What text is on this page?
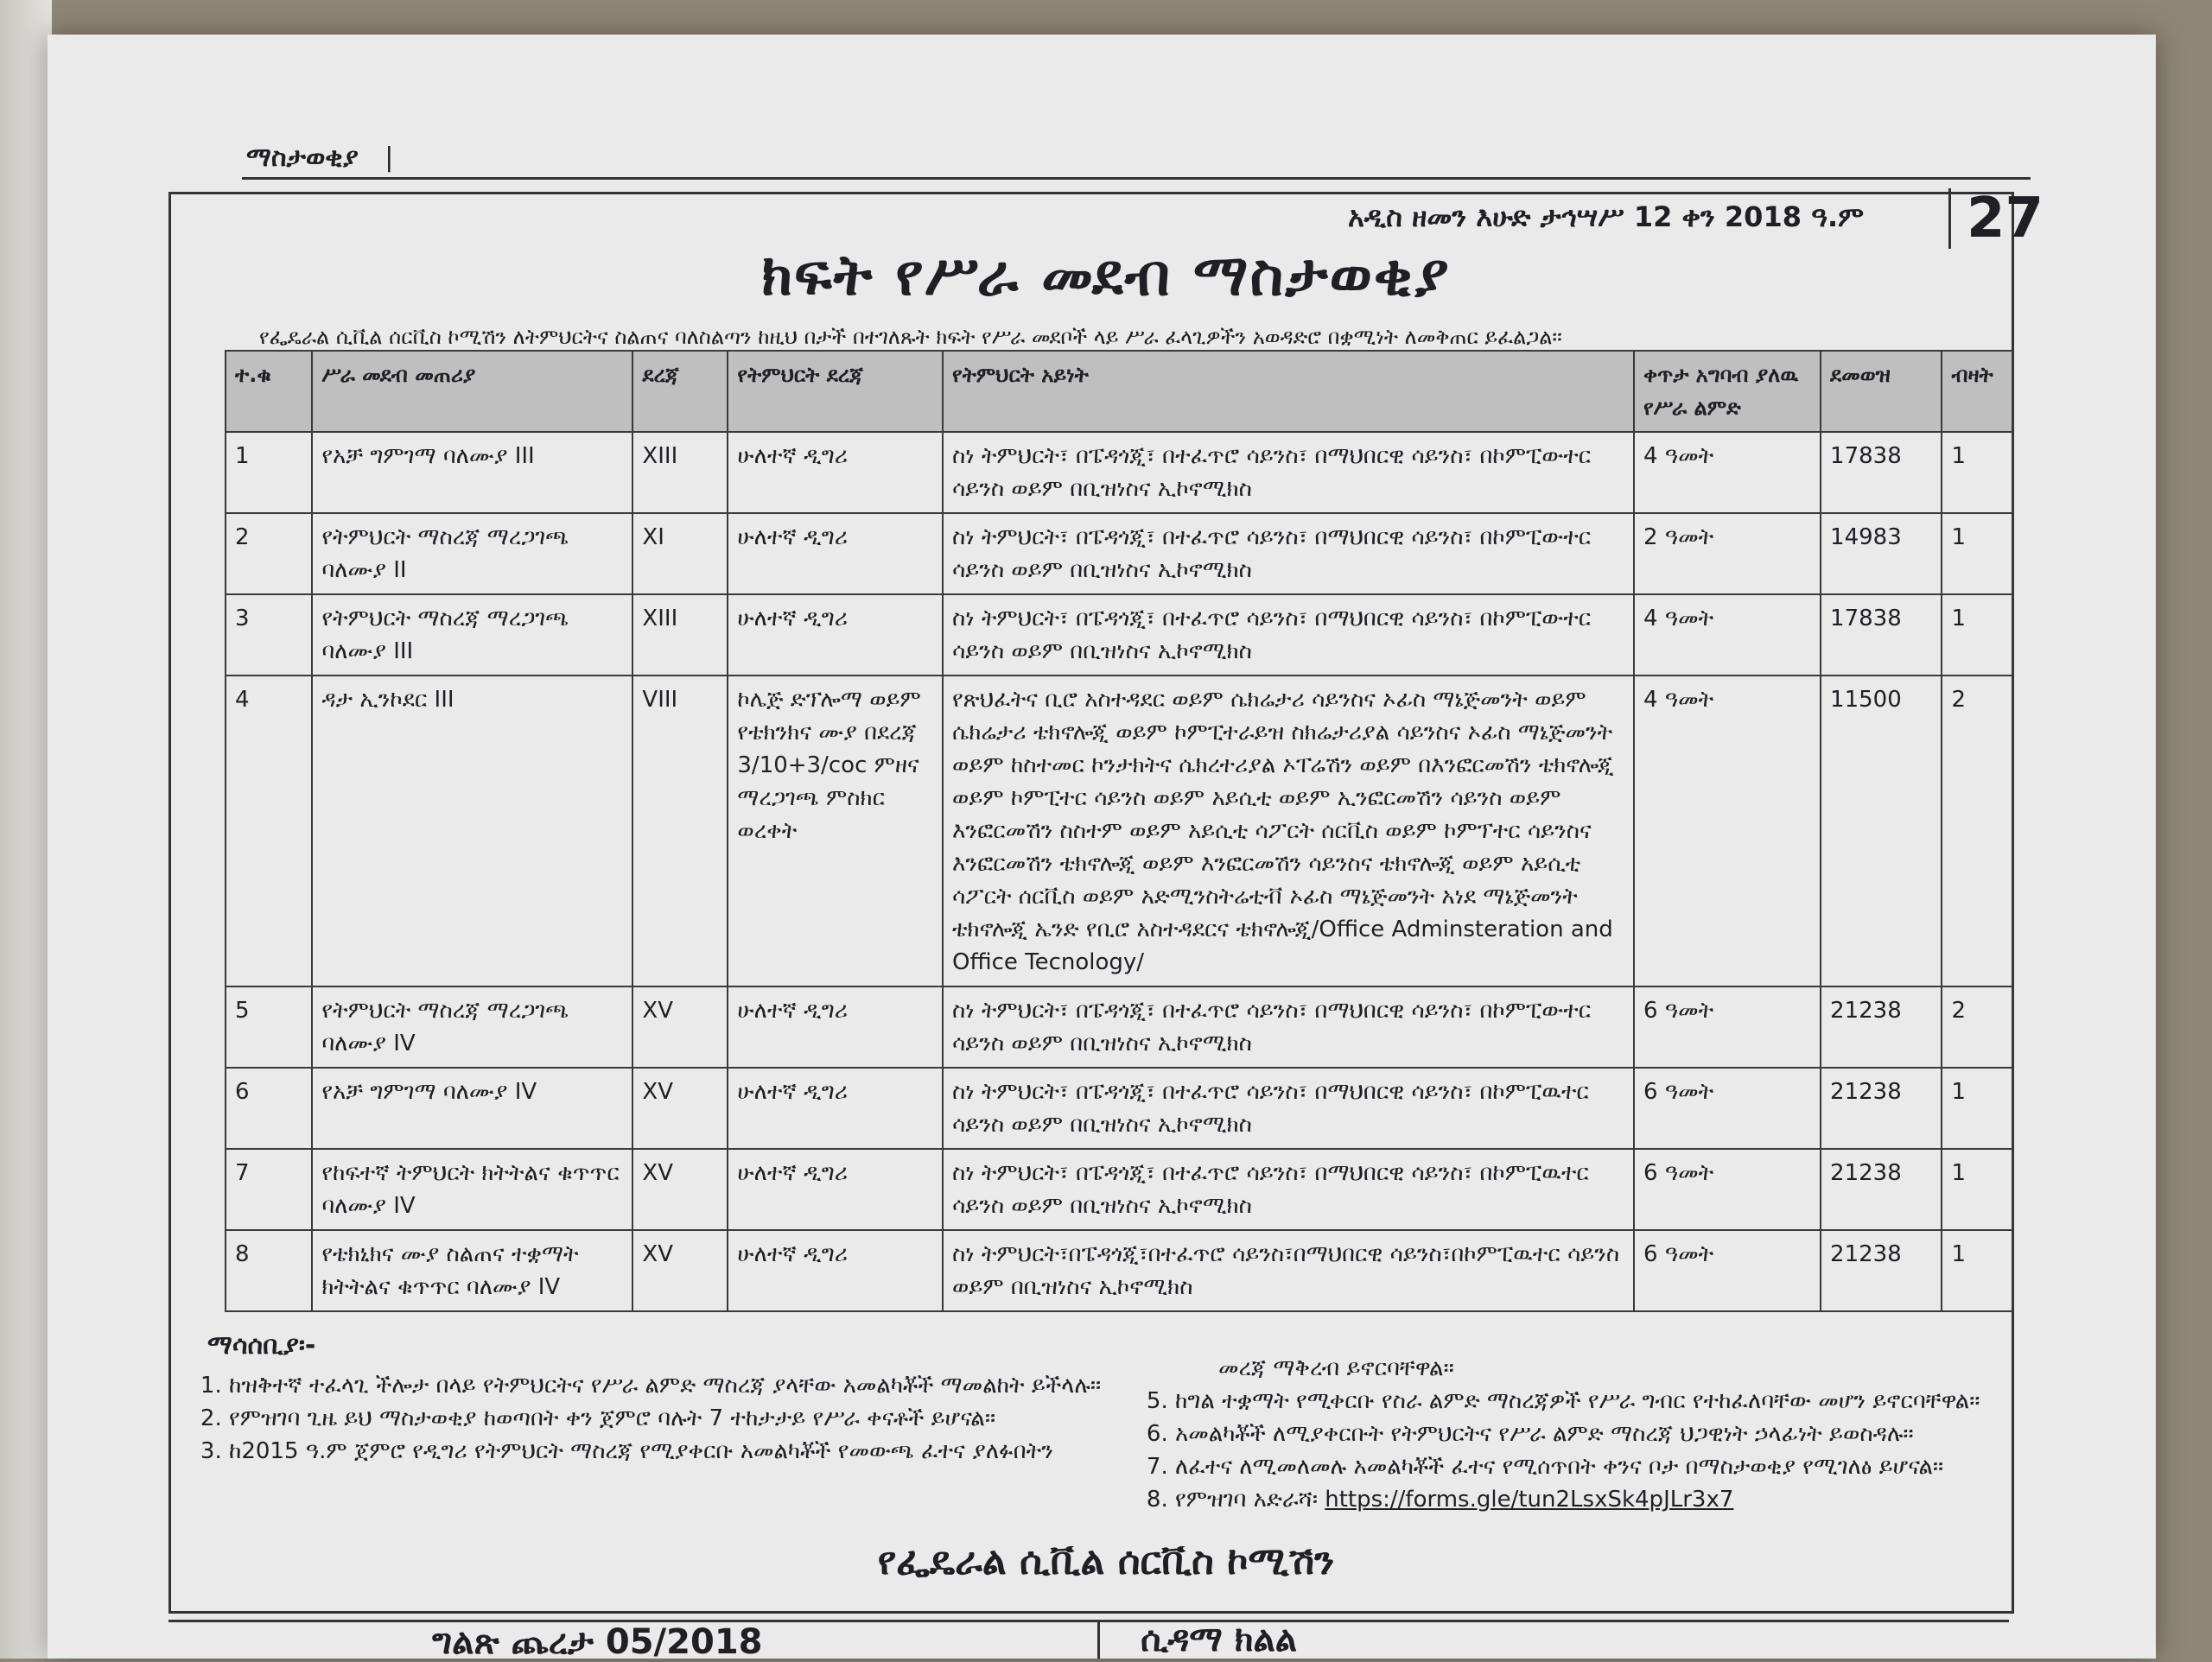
ማስታወቂያ |
አዲስ ዘመን እሁድ ታኅሣሥ 12 ቀን 2018 ዓ.ም	27
ክፍት የሥራ መደብ ማስታወቂያ
የፌዴራል ሲቪል ሰርቪስ ኮሚሽን ለትምህርትና ስልጠና ባለስልጣን ከዚህ በታች በተገለጹት ክፍት የሥራ መደቦች ላይ ሥራ ፈላጊዎችን አወዳድሮ በቋሚነት ለመቅጠር ይፈልጋል፡፡
ተ.ቁ	ሥራ መደብ መጠሪያ	ደረጃ	የትምህርት ደረጃ	የትምህርት አይነት	ቀጥታ አግባብ ያለዉ የሥራ ልምድ	ደመወዝ	ብዛት
1	የአቻ ግምገማ ባለሙያ III	XIII	ሁለተኛ ዲግሪ	ስነ ትምህርት፣ በፔዳጎጂ፣ በተፈጥሮ ሳይንስ፣ በማህበርዊ ሳይንስ፣ በኮምፒውተር ሳይንስ ወይም በቢዝነስና ኢኮኖሚክስ	4 ዓመት	17838	1
2	የትምህርት ማስረጃ ማረጋገጫ ባለሙያ II	XI	ሁለተኛ ዲግሪ	ስነ ትምህርት፣ በፔዳጎጂ፣ በተፈጥሮ ሳይንስ፣ በማህበርዊ ሳይንስ፣ በኮምፒውተር ሳይንስ ወይም በቢዝነስና ኢኮኖሚክስ	2 ዓመት	14983	1
3	የትምህርት ማስረጃ ማረጋገጫ ባለሙያ III	XIII	ሁለተኛ ዲግሪ	ስነ ትምህርት፣ በፔዳጎጂ፣ በተፈጥሮ ሳይንስ፣ በማህበርዊ ሳይንስ፣ በኮምፒውተር ሳይንስ ወይም በቢዝነስና ኢኮኖሚክስ	4 ዓመት	17838	1
4	ዳታ ኢንኮደር III	VIII	ኮሌጅ ድፕሎማ ወይም የቴክንክና ሙያ በደረጃ 3/10+3/coc ምዘና ማረጋገጫ ምስክር ወረቀት	የጽህፈትና ቢሮ አስተዳደር ወይም ሴክሬታሪ ሳይንስና ኦፊስ ማኔጅመንት ወይም ሴክሬታሪ ቴክኖሎጂ ወይም ኮምፒተራይዝ ስክሬታሪያል ሳይንስና ኦፊስ ማኔጅመንት ወይም ከስተመር ኮንታክትና ሴክረተሪያል ኦፐሬሽን ወይም በእንፎርመሽን ቴክኖሎጂ ወይም ኮምፒተር ሳይንስ ወይም አይሲቲ ወይም ኢንፎርመሽን ሳይንስ ወይም እንፎርመሽን ስስተም ወይም አይሲቲ ሳፖርት ሰርቪስ ወይም ኮምፕተር ሳይንስና እንፎርመሽን ቴክኖሎጂ ወይም እንፎርመሽን ሳይንስና ቴክኖሎጂ ወይም አይሲቲ ሳፖርት ሰርቪስ ወይም አድሚንስትሬቲቭ ኦፊስ ማኔጅመንት አነደ ማኔጅመንት ቴክኖሎጂ ኤንድ የቢሮ አስተዳደርና ቴክኖሎጂ/Office Adminsteration and Office Tecnology/	4 ዓመት	11500	2
5	የትምህርት ማስረጃ ማረጋገጫ ባለሙያ IV	XV	ሁለተኛ ዲግሪ	ስነ ትምህርት፣ በፔዳጎጂ፣ በተፈጥሮ ሳይንስ፣ በማህበርዊ ሳይንስ፣ በኮምፒውተር ሳይንስ ወይም በቢዝነስና ኢኮኖሚክስ	6 ዓመት	21238	2
6	የአቻ ግምገማ ባለሙያ IV	XV	ሁለተኛ ዲግሪ	ስነ ትምህርት፣ በፔዳጎጂ፣ በተፈጥሮ ሳይንስ፣ በማህበርዊ ሳይንስ፣ በኮምፒዉተር ሳይንስ ወይም በቢዝነስና ኢኮኖሚክስ	6 ዓመት	21238	1
7	የከፍተኛ ትምህርት ክትትልና ቁጥጥር ባለሙያ IV	XV	ሁለተኛ ዲግሪ	ስነ ትምህርት፣ በፔዳጎጂ፣ በተፈጥሮ ሳይንስ፣ በማህበርዊ ሳይንስ፣ በኮምፒዉተር ሳይንስ ወይም በቢዝነስና ኢኮኖሚክስ	6 ዓመት	21238	1
8	የቴክኒክና ሙያ ስልጠና ተቋማት ክትትልና ቁጥጥር ባለሙያ IV	XV	ሁለተኛ ዲግሪ	ስነ ትምህርት፣በፔዳጎጂ፣በተፈጥሮ ሳይንስ፣በማህበርዊ ሳይንስ፣በኮምፒዉተር ሳይንስ ወይም በቢዝነስና ኢኮኖሚክስ	6 ዓመት	21238	1
ማሳሰቢያ፡-
1. ከዝቅተኛ ተፈላጊ ችሎታ በላይ የትምህርትና የሥራ ልምድ ማስረጃ ያላቸው አመልካቾች ማመልከት ይችላሉ፡፡
2. የምዝገባ ጊዜ ይህ ማስታወቂያ ከወጣበት ቀን ጀምሮ ባሉት 7 ተከታታይ የሥራ ቀናቶች ይሆናል፡፡
3. ከ2015 ዓ.ም ጀምሮ የዲግሪ የትምህርት ማስረጃ የሚያቀርቡ አመልካቾች የመውጫ ፈተና ያለፉበትን
መረጃ ማቅረብ ይኖርባቸዋል፡፡
5. ከግል ተቋማት የሚቀርቡ የስራ ልምድ ማስረጃዎች የሥራ ግብር የተከፈለባቸው መሆን ይኖርባቸዋል፡፡
6. አመልካቾች ለሚያቀርቡት የትምህርትና የሥራ ልምድ ማስረጃ ህጋዊነት ኃላፊነት ይወስዳሉ፡፡
7. ለፈተና ለሚመለመሉ አመልካቾች ፈተና የሚሰጥበት ቀንና ቦታ በማስታወቂያ የሚገለፅ ይሆናል፡፡
8. የምዝገባ አድራሻ፡ https://forms.gle/tun2LsxSk4pJLr3x7
የፌዴራል ሲቪል ሰርቪስ ኮሚሽን
ግልጽ ጨረታ 05/2018	ሲዳማ ክልል
